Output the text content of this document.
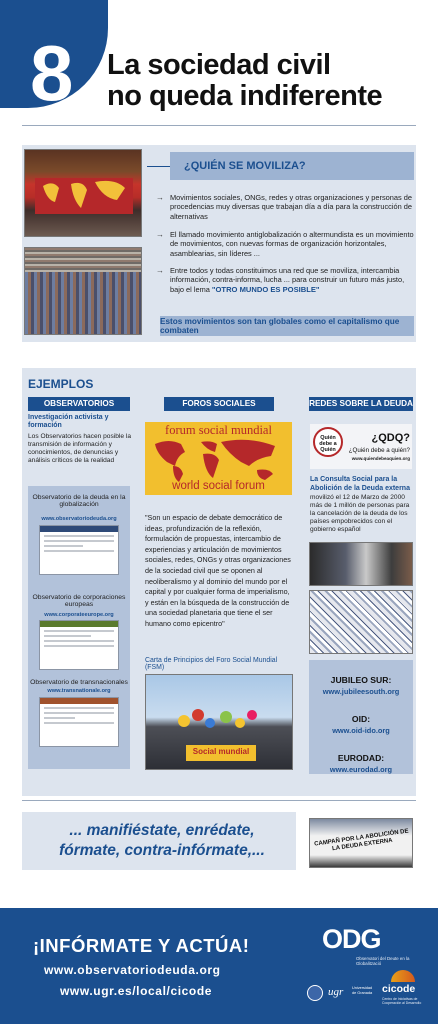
8 La sociedad civil
no queda indiferente
¿QUIÉN SE MOVILIZA?
→ Movimientos sociales, ONGs, redes y otras organizaciones y personas de procedencias muy diversas que trabajan día a día para la construcción de alternativas
→ El llamado movimiento antiglobalización o altermundista es un movimiento de movimientos, con nuevas formas de organización horizontales, asamblearias, sin líderes ...
→ Entre todos y todas constituimos una red que se moviliza, intercambia información, contra-informa, lucha ... para construir un futuro más justo, bajo el lema "OTRO MUNDO ES POSIBLE"
Estos movimientos son tan globales como el capitalismo que combaten
EJEMPLOS
OBSERVATORIOS
Investigación activista y formación
Los Observatorios hacen posible la transmisión de información y conocimientos, de denuncias y análisis críticos de la realidad
Observatorio de la deuda en la globalización
www.observatoriodeuda.org
Observatorio de corporaciones europeas
www.corporateeurope.org
Observatorio de transnacionales
www.transnationale.org
FOROS SOCIALES
forum social mundial
world social forum
"Son un espacio de debate democrático de ideas, profundización de la reflexión, formulación de propuestas, intercambio de experiencias y articulación de movimientos sociales, redes, ONGs y otras organizaciones de la sociedad civil que se oponen al neoliberalismo y al dominio del mundo por el capital y por cualquier forma de imperialismo, y están en la búsqueda de la construcción de una sociedad planetaria que tiene el ser humano como epicentro"
Carta de Principios del Foro Social Mundial (FSM)
Social mundial
REDES SOBRE LA DEUDA
Quién debe a Quién
¿QDQ?
¿Quién debe a quién?
www.quiendebeaquien.org
La Consulta Social para la Abolición de la Deuda externa
movilizó el 12 de Marzo de 2000 más de 1 millón de personas para la cancelación de la deuda de los países empobrecidos con el gobierno español
JUBILEO SUR:
www.jubileesouth.org
OID:
www.oid-ido.org
EURODAD:
www.eurodad.org
... manifiéstate, enrédate,
fórmate, contra-infórmate,...
CAMPAÑ POR LA ABOLICIÓN DE LA DEUDA EXTERNA
¡INFÓRMATE Y ACTÚA!
www.observatoriodeuda.org
www.ugr.es/local/cicode
ODG
Observatori del Deute en la Globalització
ugr Universidad de Granada cicode
Centro de Iniciativas de Cooperación al Desarrollo
